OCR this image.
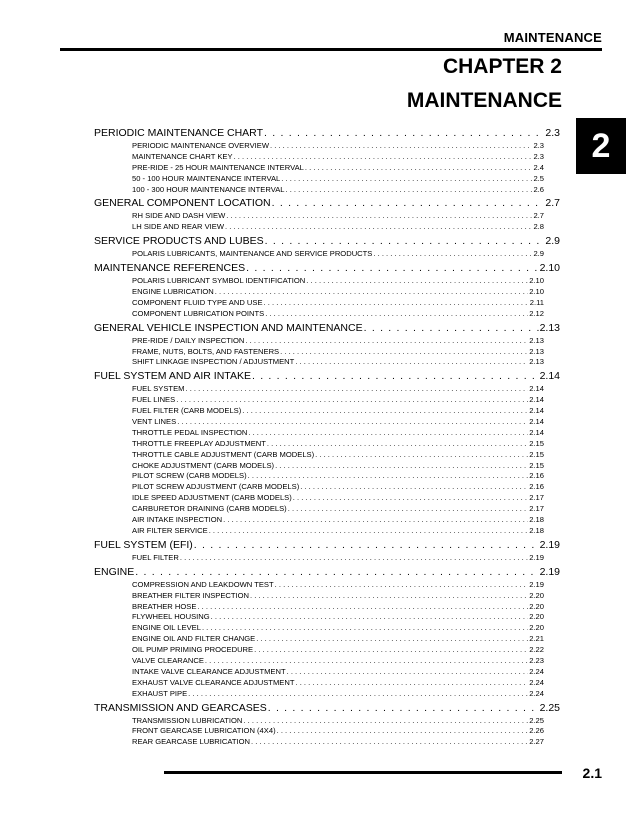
MAINTENANCE
CHAPTER 2
MAINTENANCE
2
PERIODIC MAINTENANCE CHART . . .	2.3
PERIODIC MAINTENANCE OVERVIEW . . .	2.3
MAINTENANCE CHART KEY . . .	2.3
PRE-RIDE - 25 HOUR MAINTENANCE INTERVAL . . .	2.4
50 - 100 HOUR MAINTENANCE INTERVAL . . .	2.5
100 - 300 HOUR MAINTENANCE INTERVAL . . .	2.6
GENERAL COMPONENT LOCATION . . .	2.7
RH SIDE AND DASH VIEW . . .	2.7
LH SIDE AND REAR VIEW . . .	2.8
SERVICE PRODUCTS AND LUBES . . .	2.9
POLARIS LUBRICANTS, MAINTENANCE AND SERVICE PRODUCTS . . .	2.9
MAINTENANCE REFERENCES . . .	2.10
POLARIS LUBRICANT SYMBOL IDENTIFICATION . . .	2.10
ENGINE LUBRICATION . . .	2.10
COMPONENT FLUID TYPE AND USE . . .	2.11
COMPONENT LUBRICATION POINTS . . .	2.12
GENERAL VEHICLE INSPECTION AND MAINTENANCE . . .	2.13
PRE-RIDE / DAILY INSPECTION . . .	2.13
FRAME, NUTS, BOLTS, AND FASTENERS . . .	2.13
SHIFT LINKAGE INSPECTION / ADJUSTMENT . . .	2.13
FUEL SYSTEM AND AIR INTAKE . . .	2.14
FUEL SYSTEM . . .	2.14
FUEL LINES . . .	2.14
FUEL FILTER (CARB MODELS) . . .	2.14
VENT LINES . . .	2.14
THROTTLE PEDAL INSPECTION . . .	2.14
THROTTLE FREEPLAY ADJUSTMENT . . .	2.15
THROTTLE CABLE ADJUSTMENT (CARB MODELS) . . .	2.15
CHOKE ADJUSTMENT (CARB MODELS) . . .	2.15
PILOT SCREW (CARB MODELS) . . .	2.16
PILOT SCREW ADJUSTMENT (CARB MODELS) . . .	2.16
IDLE SPEED ADJUSTMENT (CARB MODELS) . . .	2.17
CARBURETOR DRAINING (CARB MODELS) . . .	2.17
AIR INTAKE INSPECTION . . .	2.18
AIR FILTER SERVICE . . .	2.18
FUEL SYSTEM (EFI) . . .	2.19
FUEL FILTER . . .	2.19
ENGINE . . .	2.19
COMPRESSION AND LEAKDOWN TEST . . .	2.19
BREATHER FILTER INSPECTION . . .	2.20
BREATHER HOSE . . .	2.20
FLYWHEEL HOUSING . . .	2.20
ENGINE OIL LEVEL . . .	2.20
ENGINE OIL AND FILTER CHANGE . . .	2.21
OIL PUMP PRIMING PROCEDURE . . .	2.22
VALVE CLEARANCE . . .	2.23
INTAKE VALVE CLEARANCE ADJUSTMENT . . .	2.24
EXHAUST VALVE CLEARANCE ADJUSTMENT . . .	2.24
EXHAUST PIPE . . .	2.24
TRANSMISSION AND GEARCASES . . .	2.25
TRANSMISSION LUBRICATION . . .	2.25
FRONT GEARCASE LUBRICATION (4X4) . . .	2.26
REAR GEARCASE LUBRICATION . . .	2.27
2.1
